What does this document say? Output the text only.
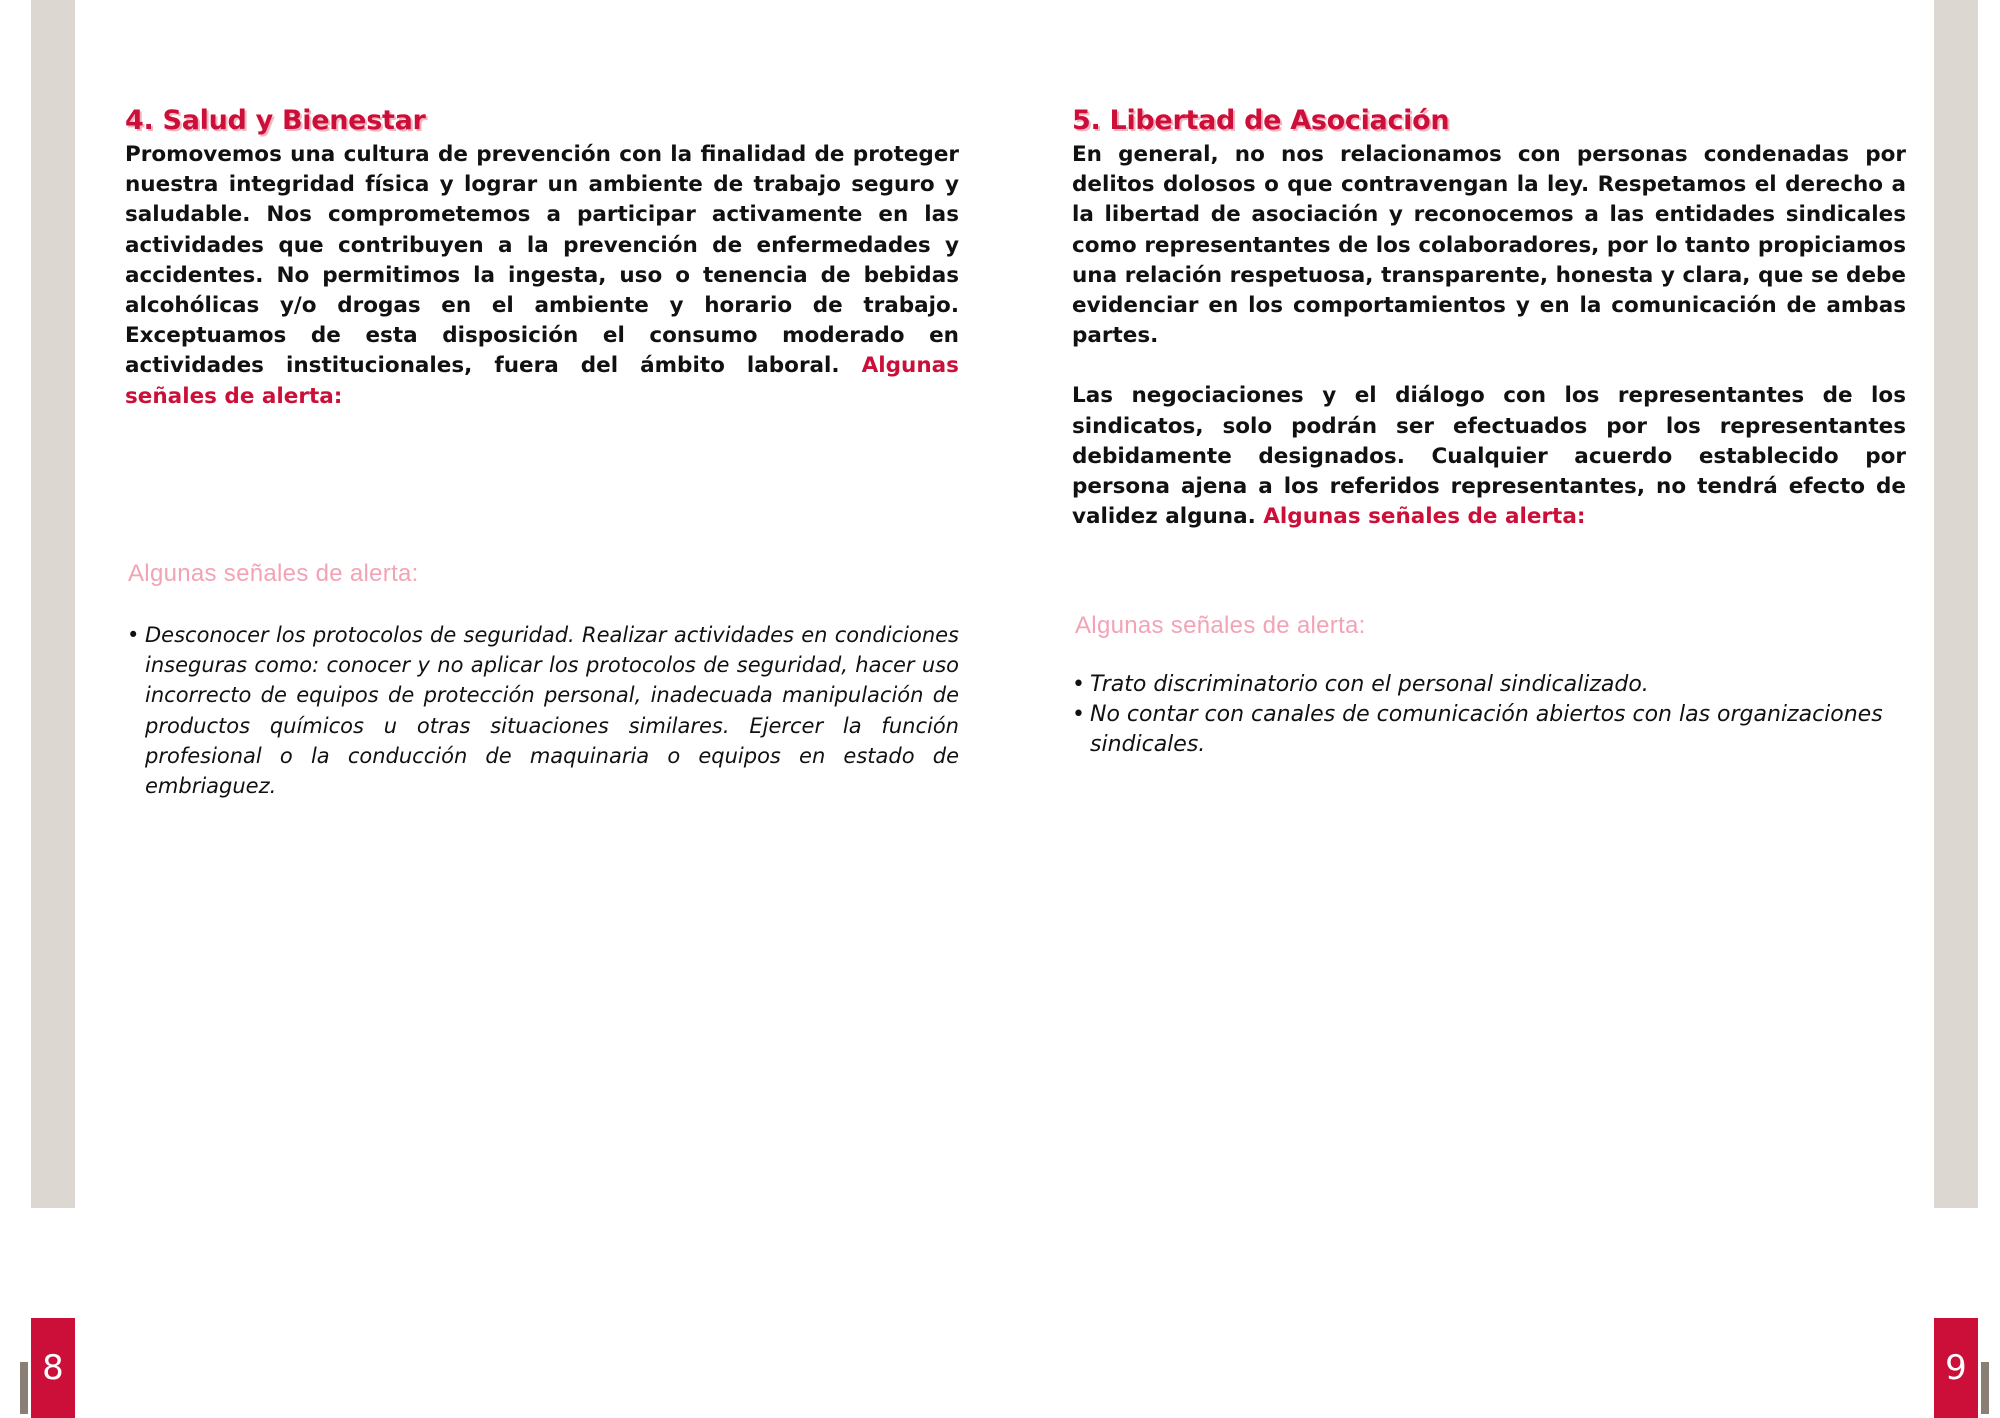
4. Salud y Bienestar

Promovemos una cultura de prevención con la finalidad de proteger nuestra integridad física y lograr un ambiente de trabajo seguro y saludable. Nos comprometemos a participar activamente en las actividades que contribuyen a la prevención de enfermedades y accidentes. No permitimos la ingesta, uso o tenencia de bebidas alcohólicas y/o drogas en el ambiente y horario de trabajo. Exceptuamos de esta disposición el consumo moderado en actividades institucionales, fuera del ámbito laboral. Algunas señales de alerta:

Algunas señales de alerta:

• Desconocer los protocolos de seguridad. Realizar actividades en condiciones inseguras como: conocer y no aplicar los protocolos de seguridad, hacer uso incorrecto de equipos de protección personal, inadecuada manipulación de productos químicos u otras situaciones similares. Ejercer la función profesional o la conducción de maquinaria o equipos en estado de embriaguez.
5. Libertad de Asociación

En general, no nos relacionamos con personas condenadas por delitos dolosos o que contravengan la ley. Respetamos el derecho a la libertad de asociación y reconocemos a las entidades sindicales como representantes de los colaboradores, por lo tanto propiciamos una relación respetuosa, transparente, honesta y clara, que se debe evidenciar en los comportamientos y en la comunicación de ambas partes.

Las negociaciones y el diálogo con los representantes de los sindicatos, solo podrán ser efectuados por los representantes debidamente designados. Cualquier acuerdo establecido por persona ajena a los referidos representantes, no tendrá efecto de validez alguna. Algunas señales de alerta:

Algunas señales de alerta:

• Trato discriminatorio con el personal sindicalizado.
• No contar con canales de comunicación abiertos con las organizaciones sindicales.
8	9
